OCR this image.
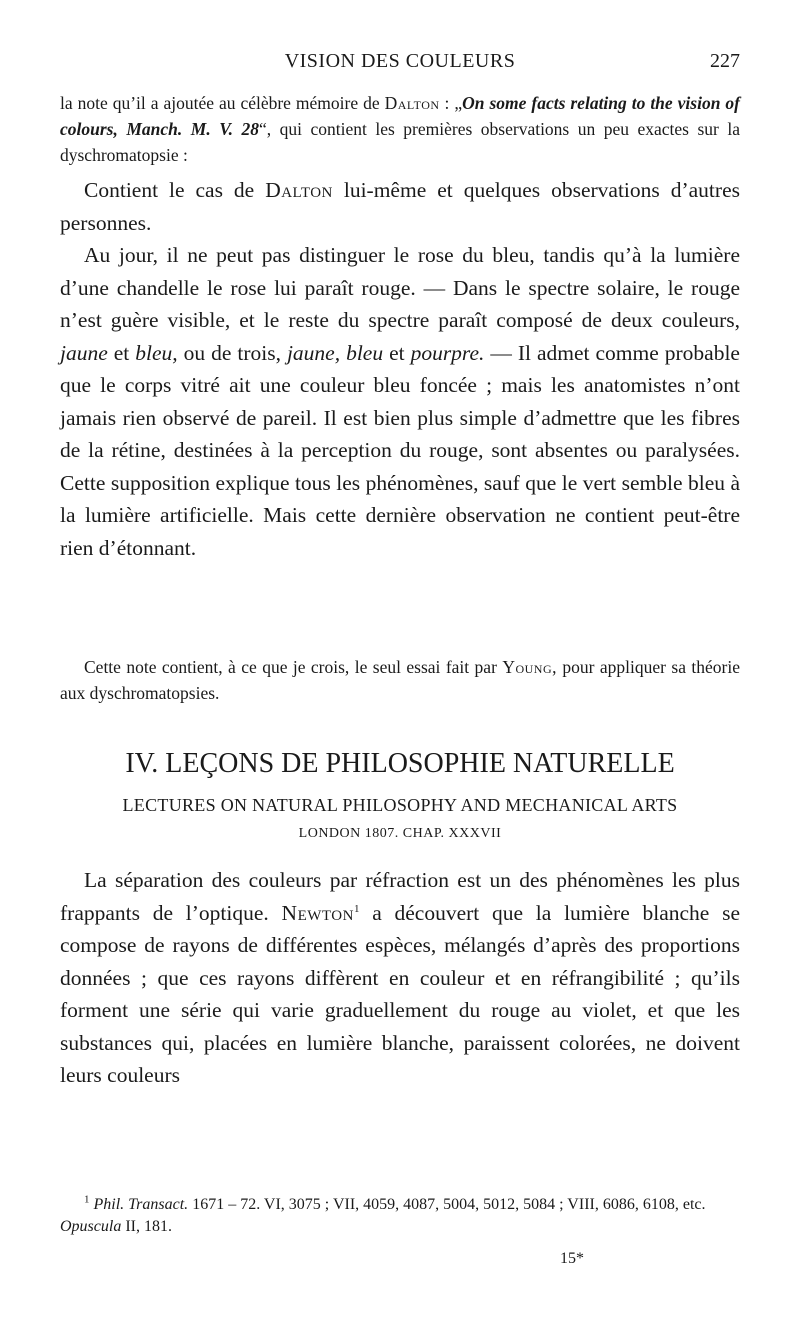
VISION DES COULEURS	227

la note qu’il a ajoutée au célèbre mémoire de Dalton : „On some facts relating to the vision of colours, Manch. M. V. 28“, qui contient les premières observations un peu exactes sur la dyschromatopsie :

Contient le cas de Dalton lui-même et quelques observations d’autres personnes.

Au jour, il ne peut pas distinguer le rose du bleu, tandis qu’à la lumière d’une chandelle le rose lui paraît rouge. — Dans le spectre solaire, le rouge n’est guère visible, et le reste du spectre paraît composé de deux couleurs, jaune et bleu, ou de trois, jaune, bleu et pourpre. — Il admet comme probable que le corps vitré ait une couleur bleu foncée ; mais les anatomistes n’ont jamais rien observé de pareil. Il est bien plus simple d’admettre que les fibres de la rétine, destinées à la perception du rouge, sont absentes ou paralysées. Cette supposition explique tous les phénomènes, sauf que le vert semble bleu à la lumière artificielle. Mais cette dernière observation ne contient peut-être rien d’étonnant.

Cette note contient, à ce que je crois, le seul essai fait par Young, pour appliquer sa théorie aux dyschromatopsies.

IV. LEÇONS DE PHILOSOPHIE NATURELLE
LECTURES ON NATURAL PHILOSOPHY AND MECHANICAL ARTS
LONDON 1807. CHAP. XXXVII

La séparation des couleurs par réfraction est un des phénomènes les plus frappants de l’optique. Newton$^1$ a découvert que la lumière blanche se compose de rayons de différentes espèces, mélangés d’après des proportions données ; que ces rayons diffèrent en couleur et en réfrangibilité ; qu’ils forment une série qui varie graduellement du rouge au violet, et que les substances qui, placées en lumière blanche, paraissent colorées, ne doivent leurs couleurs

$^1$ Phil. Transact. 1671 – 72. VI, 3075 ; VII, 4059, 4087, 5004, 5012, 5084 ; VIII, 6086, 6108, etc. Opuscula II, 181.

15*
